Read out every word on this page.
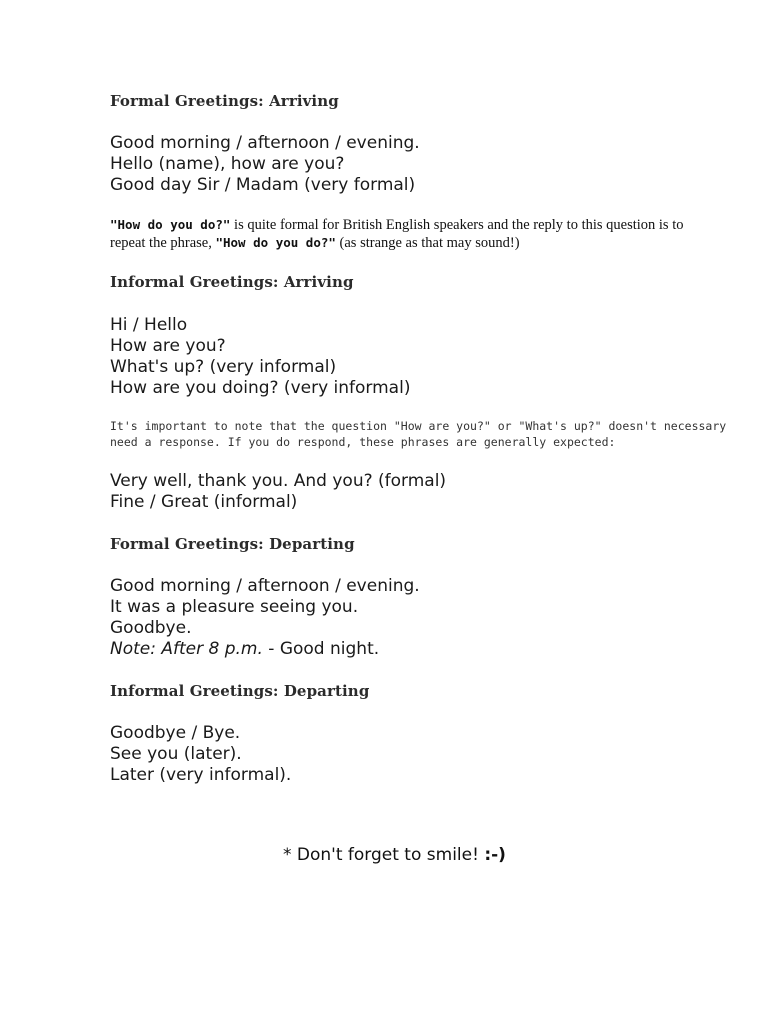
Formal Greetings: Arriving
Good morning / afternoon / evening.
Hello (name), how are you?
Good day Sir / Madam (very formal)
"How do you do?" is quite formal for British English speakers and the reply to this question is to repeat the phrase, "How do you do?" (as strange as that may sound!)
Informal Greetings: Arriving
Hi / Hello
How are you?
What's up? (very informal)
How are you doing? (very informal)
It's important to note that the question "How are you?" or "What's up?" doesn't necessary need a response. If you do respond, these phrases are generally expected:
Very well, thank you. And you? (formal)
Fine / Great (informal)
Formal Greetings: Departing
Good morning / afternoon / evening.
It was a pleasure seeing you.
Goodbye.
Note: After 8 p.m. - Good night.
Informal Greetings: Departing
Goodbye / Bye.
See you (later).
Later (very informal).
* Don't forget to smile! :-)
